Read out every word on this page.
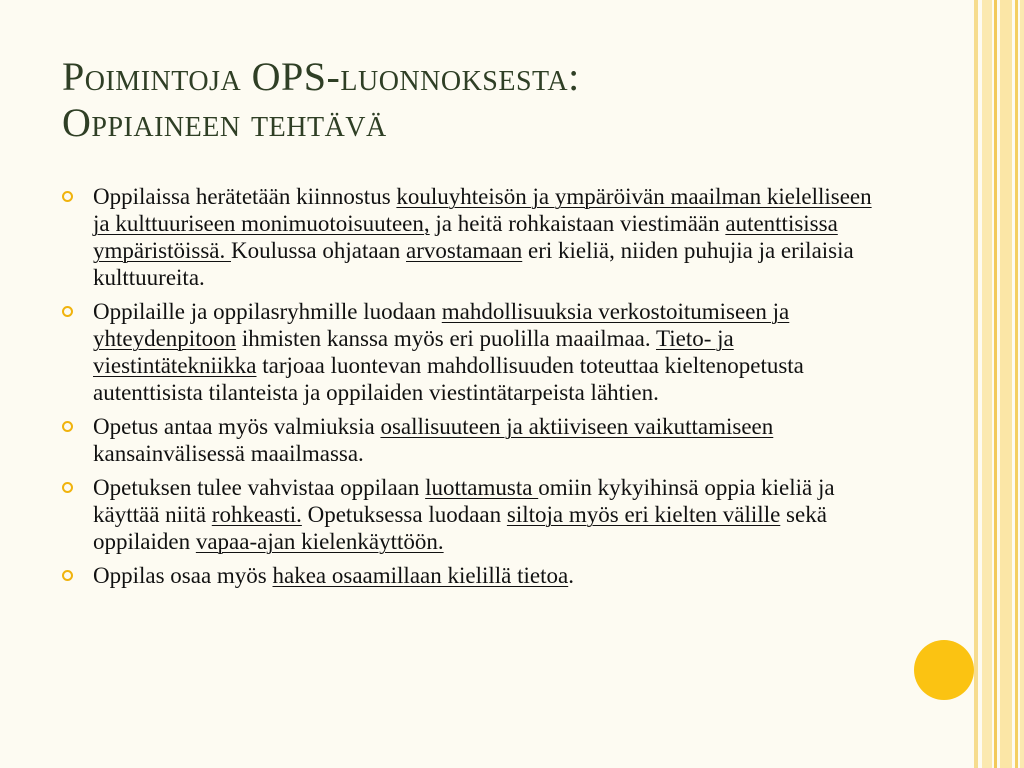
Poimintoja OPS-luonnoksesta:
Oppiaineen tehtävä
Oppilaissa herätetään kiinnostus kouluyhteisön ja ympäröivän maailman kielelliseen ja kulttuuriseen monimuotoisuuteen, ja heitä rohkaistaan viestimään autenttisissa ympäristöissä. Koulussa ohjataan arvostamaan eri kieliä, niiden puhujia ja erilaisia kulttuureita.
Oppilaille ja oppilasryhmille luodaan mahdollisuuksia verkostoitumiseen ja yhteydenpitoon ihmisten kanssa myös eri puolilla maailmaa. Tieto- ja viestintätekniikka tarjoaa luontevan mahdollisuuden toteuttaa kieltenopetusta autenttisista tilanteista ja oppilaiden viestintätarpeista lähtien.
Opetus antaa myös valmiuksia osallisuuteen ja aktiiviseen vaikuttamiseen kansainvälisessä maailmassa.
Opetuksen tulee vahvistaa oppilaan luottamusta omiin kykyihinsä oppia kieliä ja käyttää niitä rohkeasti. Opetuksessa luodaan siltoja myös eri kielten välille sekä oppilaiden vapaa-ajan kielenkäyttöön.
Oppilas osaa myös hakea osaamillaan kielillä tietoa.
